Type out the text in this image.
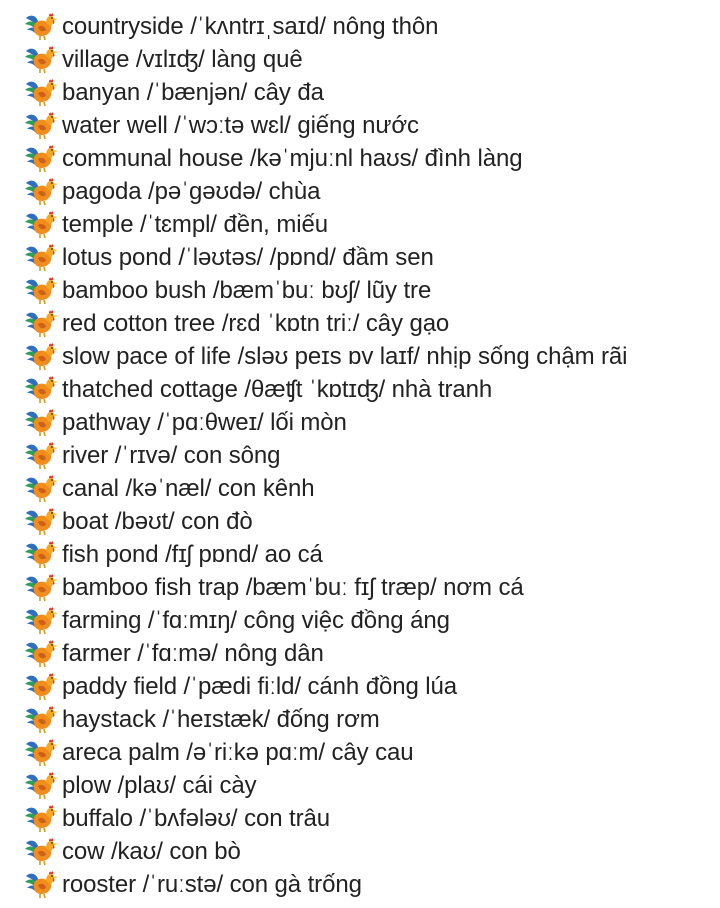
countryside /ˈkʌntrɪˌsaɪd/ nông thôn
village /vɪlɪʤ/ làng quê
banyan /ˈbænjən/ cây đa
water well /ˈwɔːtə wɛl/ giếng nước
communal house /kəˈmjuːnl haʊs/ đình làng
pagoda /pəˈgəʊdə/ chùa
temple /ˈtɛmpl/ đền, miếu
lotus pond /ˈləʊtəs/ /pɒnd/ đầm sen
bamboo bush /bæmˈbuː bʊʃ/ lũy tre
red cotton tree /rɛd ˈkɒtn triː/ cây gạo
slow pace of life /sləʊ peɪs ɒv laɪf/ nhịp sống chậm rãi
thatched cottage /θæʧt ˈkɒtɪʤ/ nhà tranh
pathway /ˈpɑːθweɪ/ lối mòn
river /ˈrɪvə/ con sông
canal /kəˈnæl/ con kênh
boat /bəʊt/ con đò
fish pond /fɪʃ pɒnd/ ao cá
bamboo fish trap /bæmˈbuː fɪʃ træp/ nơm cá
farming /ˈfɑːmɪŋ/ công việc đồng áng
farmer /ˈfɑːmə/ nông dân
paddy field /ˈpædi fiːld/ cánh đồng lúa
haystack /ˈheɪstæk/ đống rơm
areca palm /əˈriːkə pɑːm/ cây cau
plow /plaʊ/ cái cày
buffalo /ˈbʌfələʊ/ con trâu
cow /kaʊ/ con bò
rooster /ˈruːstə/ con gà trống
